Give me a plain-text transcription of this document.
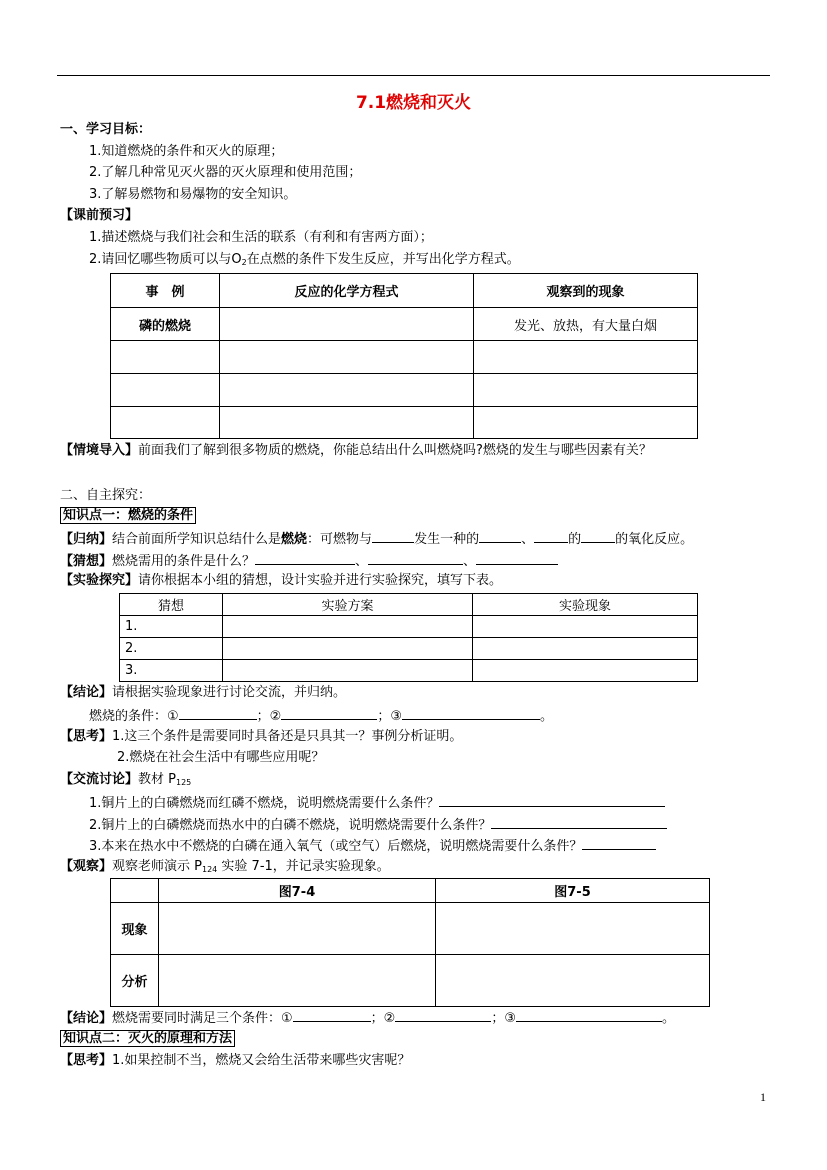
7.1燃烧和灭火
一、学习目标：
1.知道燃烧的条件和灭火的原理；
2.了解几种常见灭火器的灭火原理和使用范围；
3.了解易燃物和易爆物的安全知识。
【课前预习】
1.描述燃烧与我们社会和生活的联系（有利和有害两方面）；
2.请回忆哪些物质可以与$O_2$在点燃的条件下发生反应，并写出化学方程式。
事　例	反应的化学方程式	观察到的现象
磷的燃烧		发光、放热，有大量白烟

【情境导入】前面我们了解到很多物质的燃烧，你能总结出什么叫燃烧吗?燃烧的发生与哪些因素有关？
二、自主探究：
知识点一：燃烧的条件
【归纳】结合前面所学知识总结什么是燃烧：可燃物与	发生一种的	、	的	的氧化反应。
【猜想】燃烧需用的条件是什么？	、	、
【实验探究】请你根据本小组的猜想，设计实验并进行实验探究，填写下表。
猜想	实验方案	实验现象
1.		
2.		
3.		
【结论】请根据实验现象进行讨论交流，并归纳。
燃烧的条件：①	；②	；③	。
【思考】1.这三个条件是需要同时具备还是只具其一？事例分析证明。
2.燃烧在社会生活中有哪些应用呢？
【交流讨论】教材 $P_{125}$
1.铜片上的白磷燃烧而红磷不燃烧，说明燃烧需要什么条件？
2.铜片上的白磷燃烧而热水中的白磷不燃烧，说明燃烧需要什么条件？
3.本来在热水中不燃烧的白磷在通入氧气（或空气）后燃烧，说明燃烧需要什么条件？
【观察】观察老师演示 $P_{124}$ 实验 7-1，并记录实验现象。
	图7-4	图7-5
现象		
分析		
【结论】燃烧需要同时满足三个条件：①	；②	；③	。
知识点二：灭火的原理和方法
【思考】1.如果控制不当，燃烧又会给生活带来哪些灾害呢？
1
